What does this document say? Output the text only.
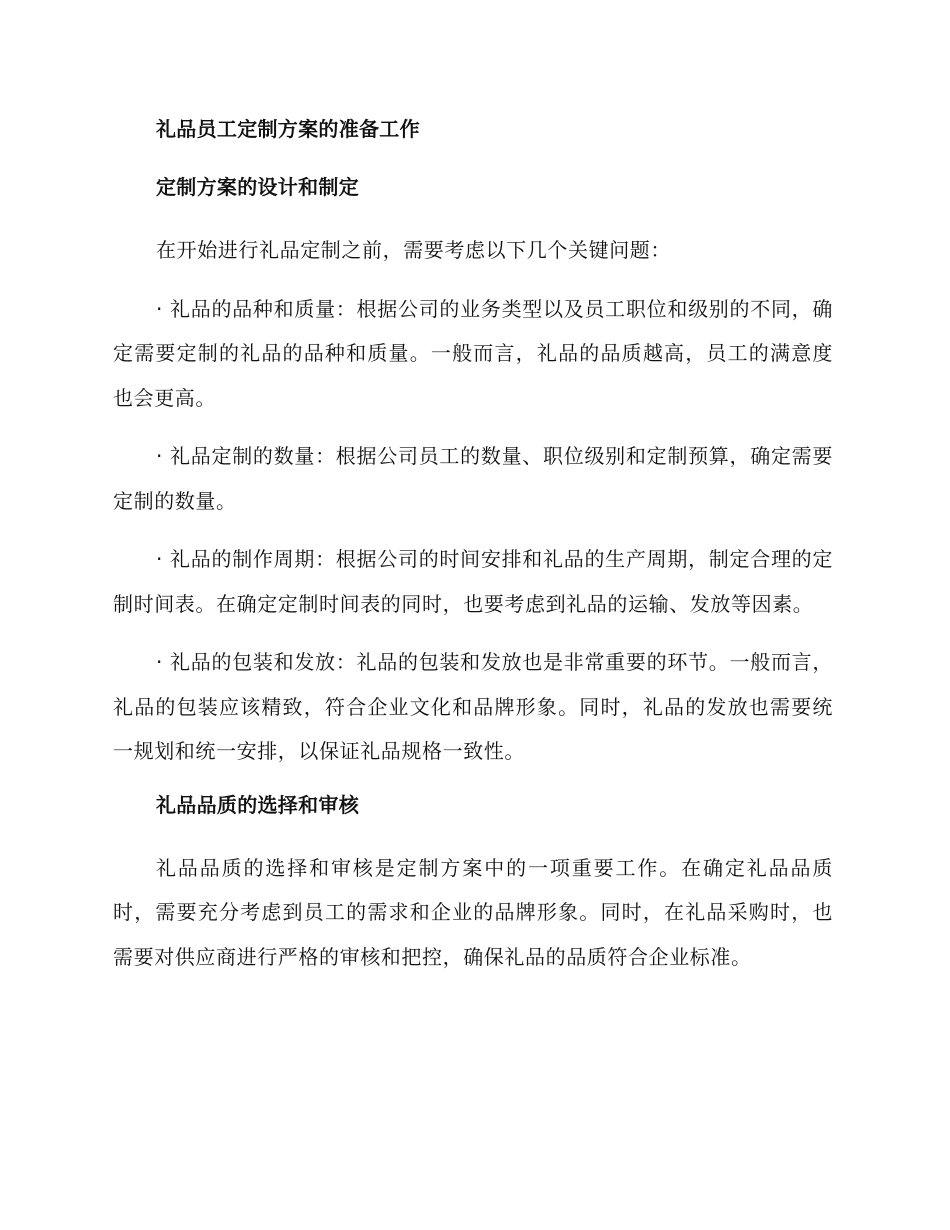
礼品员工定制方案的准备工作
定制方案的设计和制定

在开始进行礼品定制之前，需要考虑以下几个关键问题：

· 礼品的品种和质量：根据公司的业务类型以及员工职位和级别的不同，确定需要定制的礼品的品种和质量。一般而言，礼品的品质越高，员工的满意度也会更高。

· 礼品定制的数量：根据公司员工的数量、职位级别和定制预算，确定需要定制的数量。

· 礼品的制作周期：根据公司的时间安排和礼品的生产周期，制定合理的定制时间表。在确定定制时间表的同时，也要考虑到礼品的运输、发放等因素。

· 礼品的包装和发放：礼品的包装和发放也是非常重要的环节。一般而言，礼品的包装应该精致，符合企业文化和品牌形象。同时，礼品的发放也需要统一规划和统一安排，以保证礼品规格一致性。

礼品品质的选择和审核

礼品品质的选择和审核是定制方案中的一项重要工作。在确定礼品品质时，需要充分考虑到员工的需求和企业的品牌形象。同时，在礼品采购时，也需要对供应商进行严格的审核和把控，确保礼品的品质符合企业标准。
